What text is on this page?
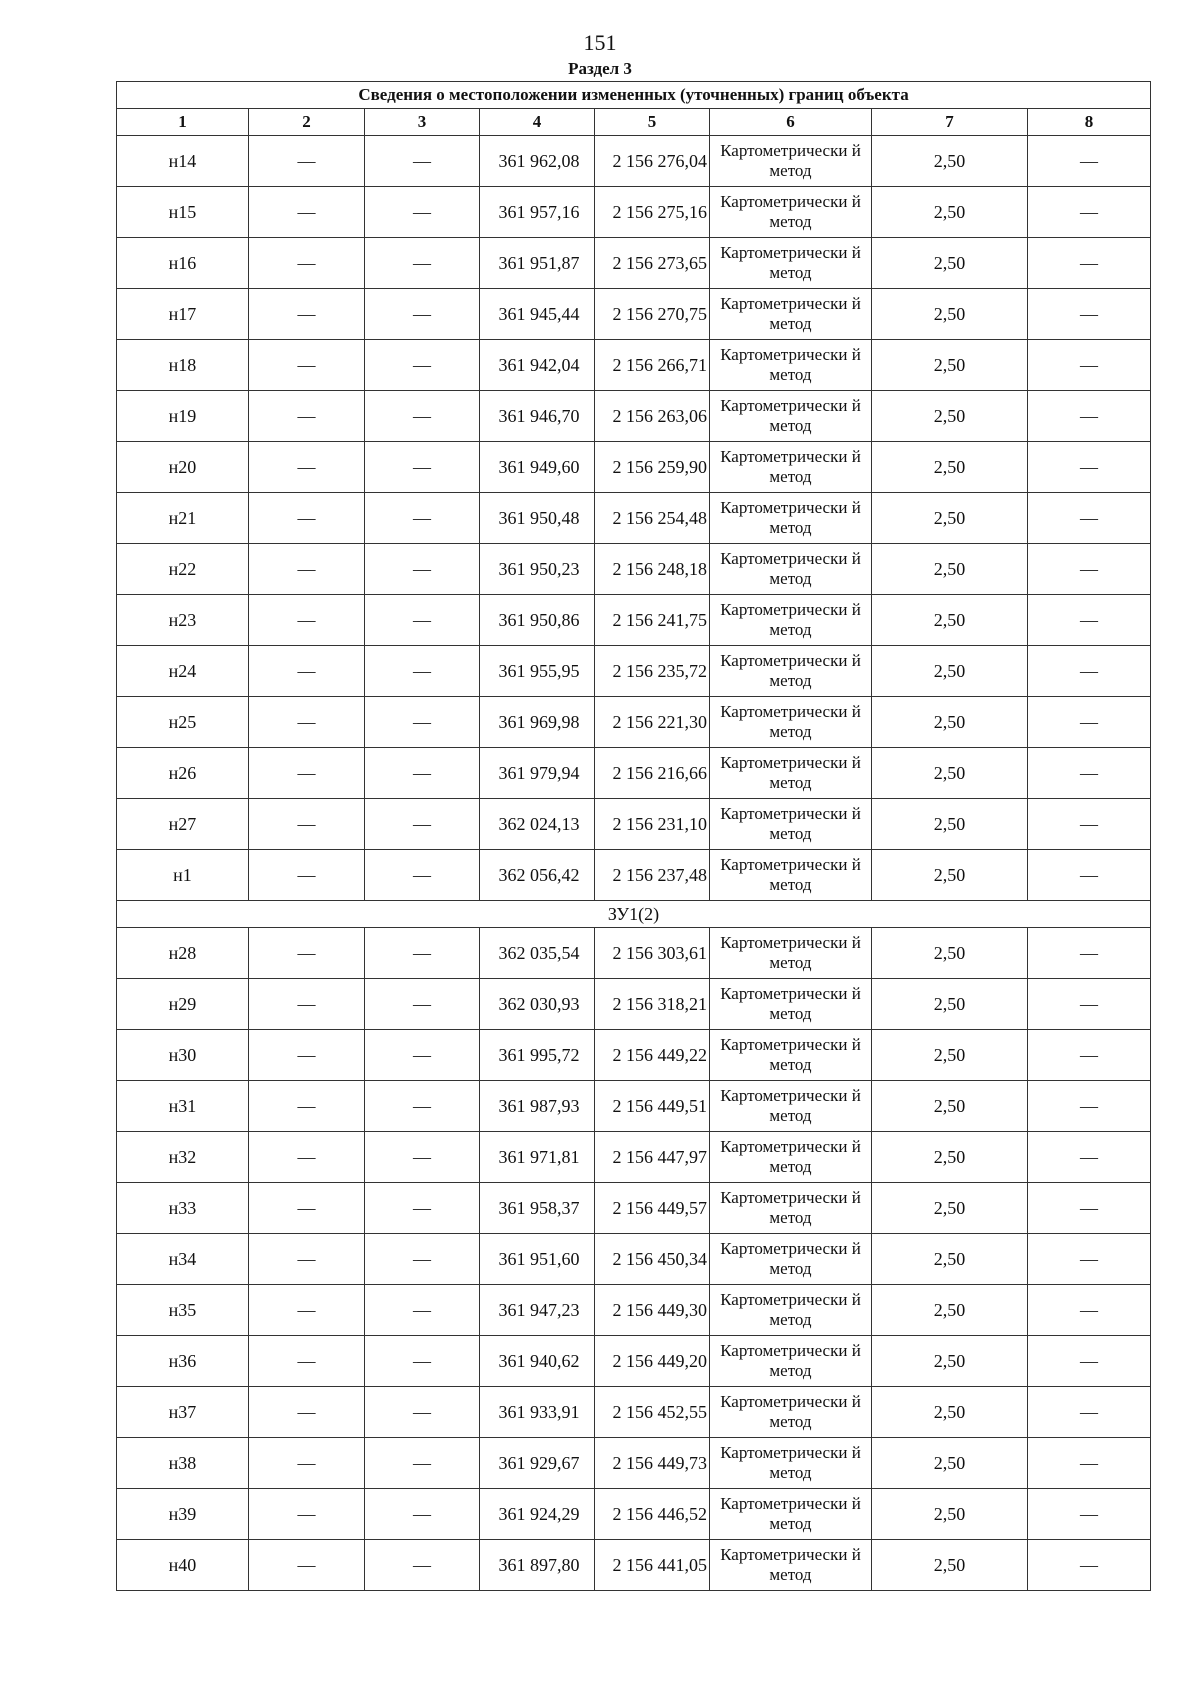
151
Раздел 3
Сведения о местоположении измененных (уточненных) границ объекта							
1	2	3	4	5	6	7	8
н14	—	—	361 962,08	2 156 276,04	Картометрически й метод	2,50	—
н15	—	—	361 957,16	2 156 275,16	Картометрически й метод	2,50	—
н16	—	—	361 951,87	2 156 273,65	Картометрически й метод	2,50	—
н17	—	—	361 945,44	2 156 270,75	Картометрически й метод	2,50	—
н18	—	—	361 942,04	2 156 266,71	Картометрически й метод	2,50	—
н19	—	—	361 946,70	2 156 263,06	Картометрически й метод	2,50	—
н20	—	—	361 949,60	2 156 259,90	Картометрически й метод	2,50	—
н21	—	—	361 950,48	2 156 254,48	Картометрически й метод	2,50	—
н22	—	—	361 950,23	2 156 248,18	Картометрически й метод	2,50	—
н23	—	—	361 950,86	2 156 241,75	Картометрически й метод	2,50	—
н24	—	—	361 955,95	2 156 235,72	Картометрически й метод	2,50	—
н25	—	—	361 969,98	2 156 221,30	Картометрически й метод	2,50	—
н26	—	—	361 979,94	2 156 216,66	Картометрически й метод	2,50	—
н27	—	—	362 024,13	2 156 231,10	Картометрически й метод	2,50	—
н1	—	—	362 056,42	2 156 237,48	Картометрически й метод	2,50	—
ЗУ1(2)							
н28	—	—	362 035,54	2 156 303,61	Картометрически й метод	2,50	—
н29	—	—	362 030,93	2 156 318,21	Картометрически й метод	2,50	—
н30	—	—	361 995,72	2 156 449,22	Картометрически й метод	2,50	—
н31	—	—	361 987,93	2 156 449,51	Картометрически й метод	2,50	—
н32	—	—	361 971,81	2 156 447,97	Картометрически й метод	2,50	—
н33	—	—	361 958,37	2 156 449,57	Картометрически й метод	2,50	—
н34	—	—	361 951,60	2 156 450,34	Картометрически й метод	2,50	—
н35	—	—	361 947,23	2 156 449,30	Картометрически й метод	2,50	—
н36	—	—	361 940,62	2 156 449,20	Картометрически й метод	2,50	—
н37	—	—	361 933,91	2 156 452,55	Картометрически й метод	2,50	—
н38	—	—	361 929,67	2 156 449,73	Картометрически й метод	2,50	—
н39	—	—	361 924,29	2 156 446,52	Картометрически й метод	2,50	—
н40	—	—	361 897,80	2 156 441,05	Картометрически й метод	2,50	—
